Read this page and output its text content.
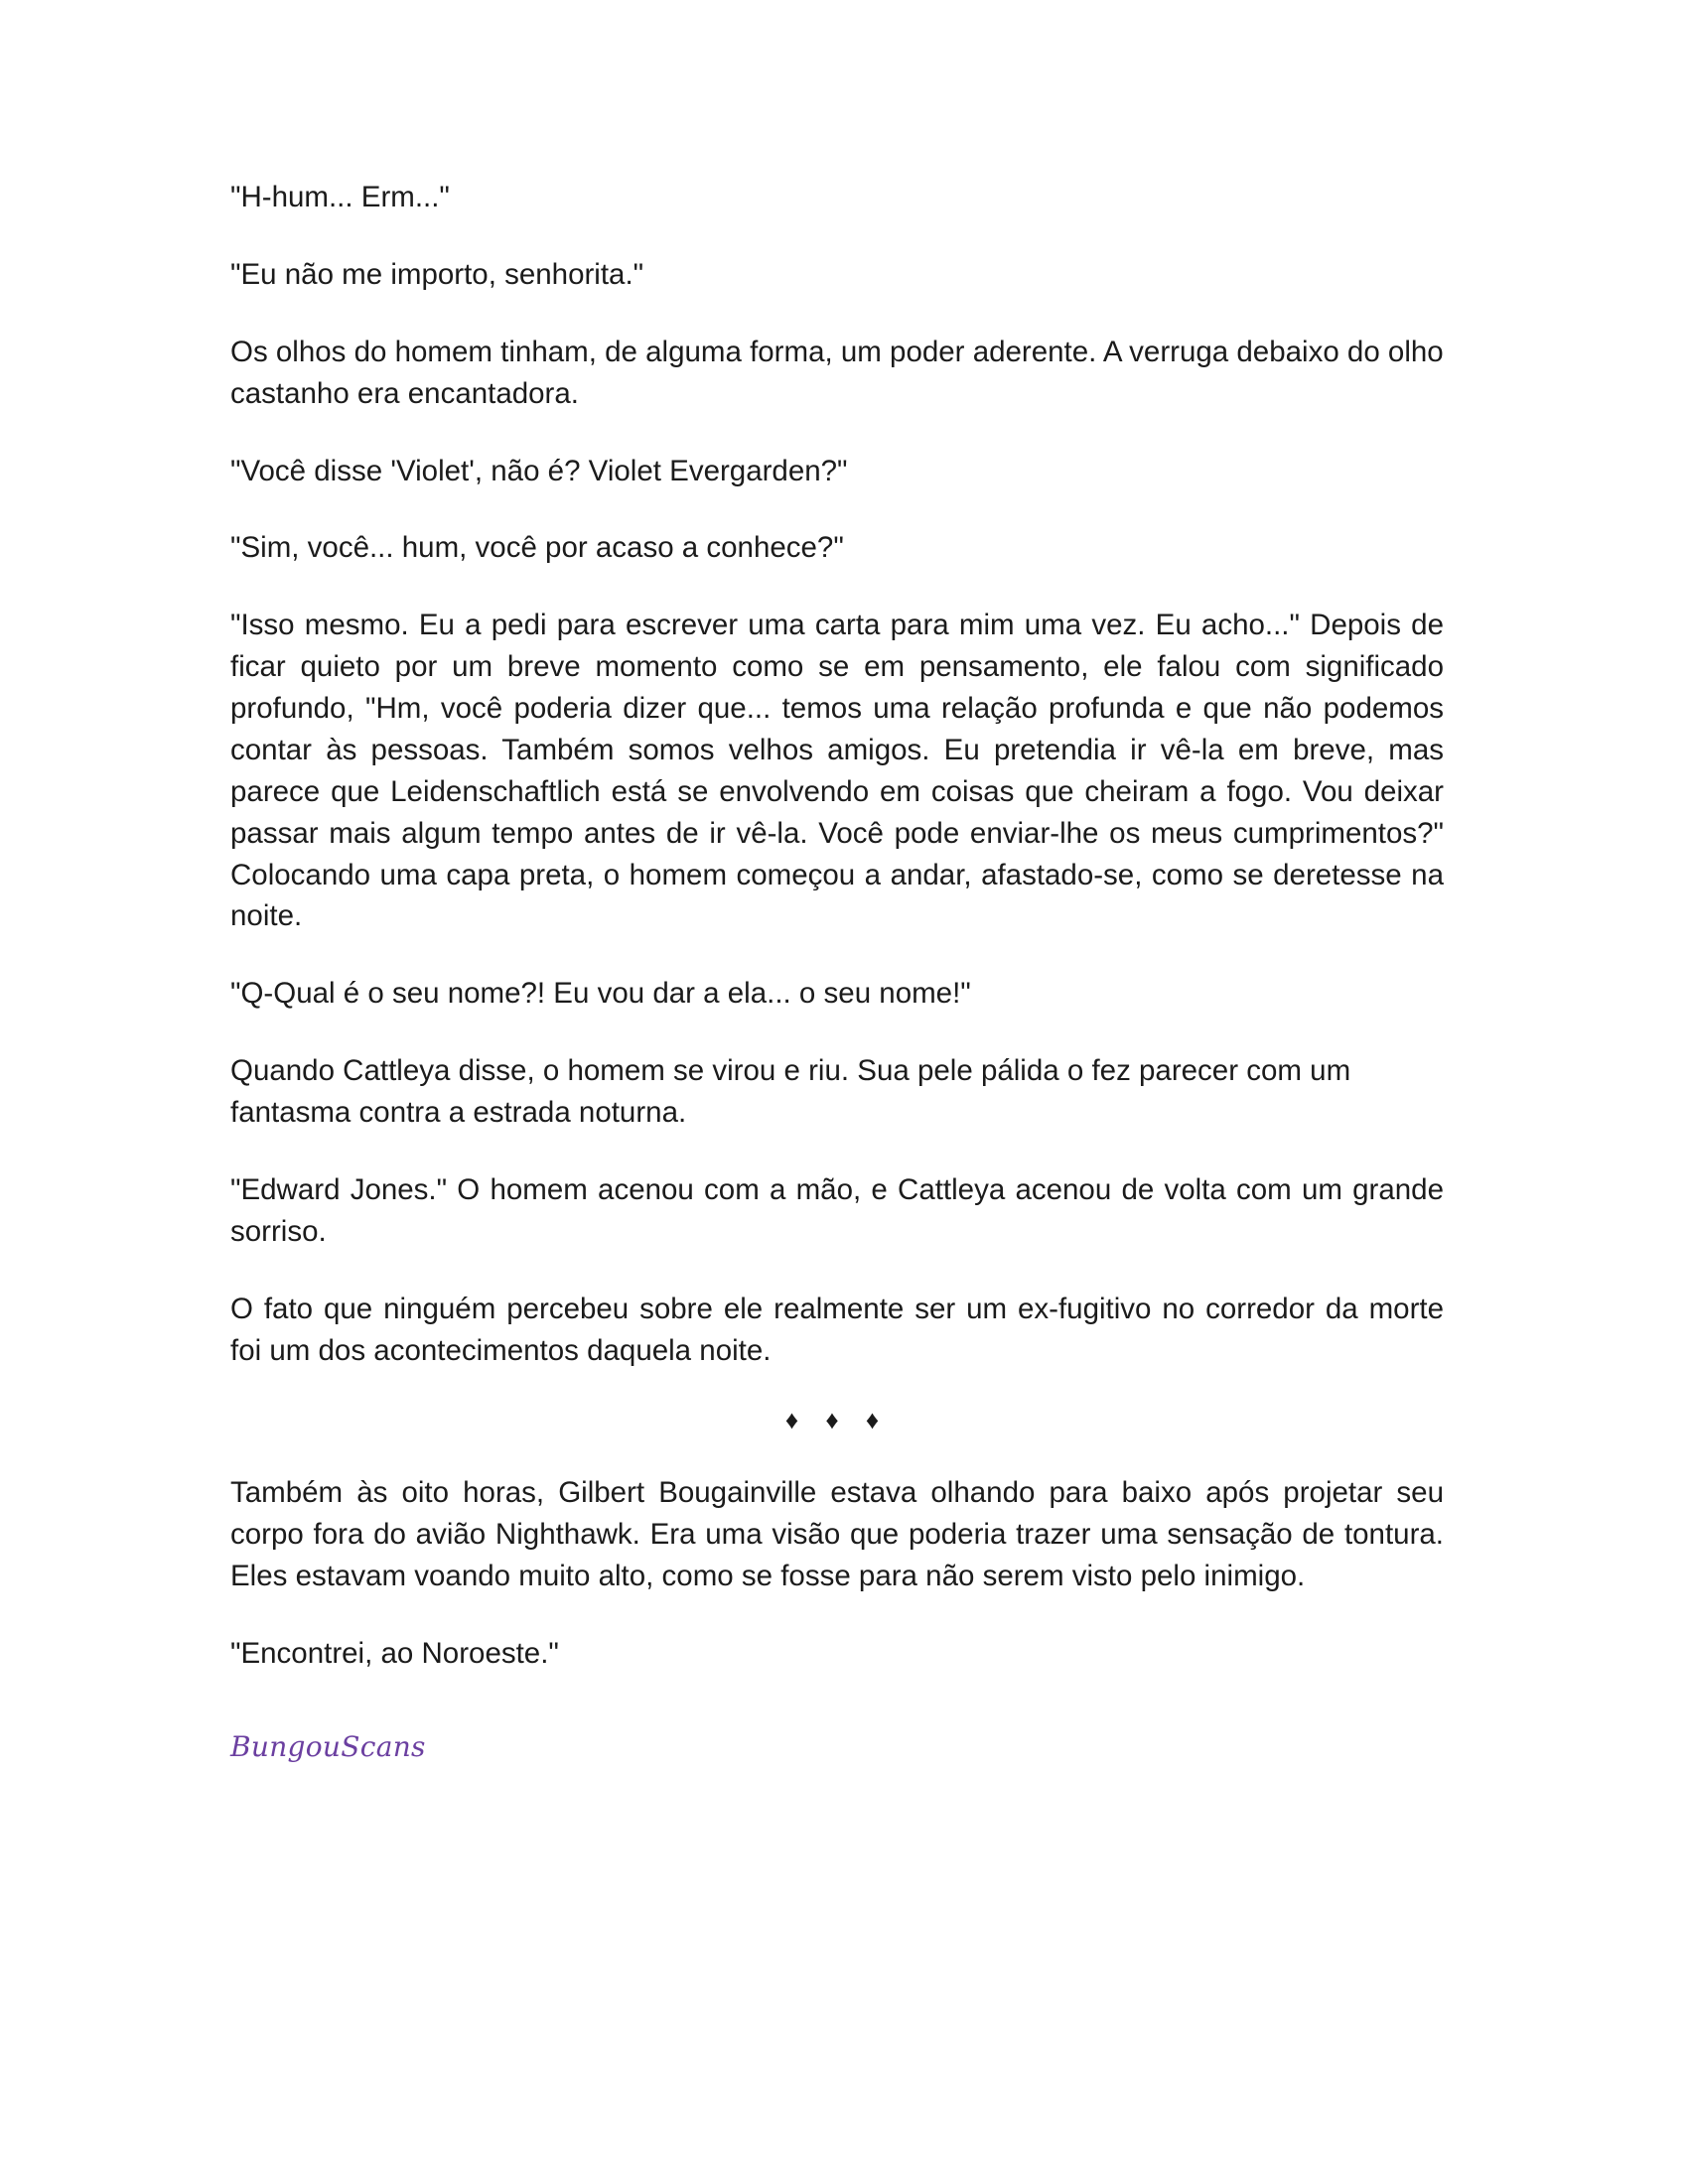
"H-hum... Erm..."

"Eu não me importo, senhorita."

Os olhos do homem tinham, de alguma forma, um poder aderente. A verruga debaixo do olho castanho era encantadora.

"Você disse 'Violet', não é? Violet Evergarden?"

"Sim, você... hum, você por acaso a conhece?"

"Isso mesmo. Eu a pedi para escrever uma carta para mim uma vez. Eu acho..." Depois de ficar quieto por um breve momento como se em pensamento, ele falou com significado profundo, "Hm, você poderia dizer que... temos uma relação profunda e que não podemos contar às pessoas. Também somos velhos amigos. Eu pretendia ir vê-la em breve, mas parece que Leidenschaftlich está se envolvendo em coisas que cheiram a fogo. Vou deixar passar mais algum tempo antes de ir vê-la. Você pode enviar-lhe os meus cumprimentos?" Colocando uma capa preta, o homem começou a andar, afastado-se, como se deretesse na noite.

"Q-Qual é o seu nome?! Eu vou dar a ela... o seu nome!"

Quando Cattleya disse, o homem se virou e riu. Sua pele pálida o fez parecer com um fantasma contra a estrada noturna.

"Edward Jones." O homem acenou com a mão, e Cattleya acenou de volta com um grande sorriso.

O fato que ninguém percebeu sobre ele realmente ser um ex-fugitivo no corredor da morte foi um dos acontecimentos daquela noite.

♦ ♦ ♦

Também às oito horas, Gilbert Bougainville estava olhando para baixo após projetar seu corpo fora do avião Nighthawk. Era uma visão que poderia trazer uma sensação de tontura. Eles estavam voando muito alto, como se fosse para não serem visto pelo inimigo.

"Encontrei, ao Noroeste."

BungouScans
